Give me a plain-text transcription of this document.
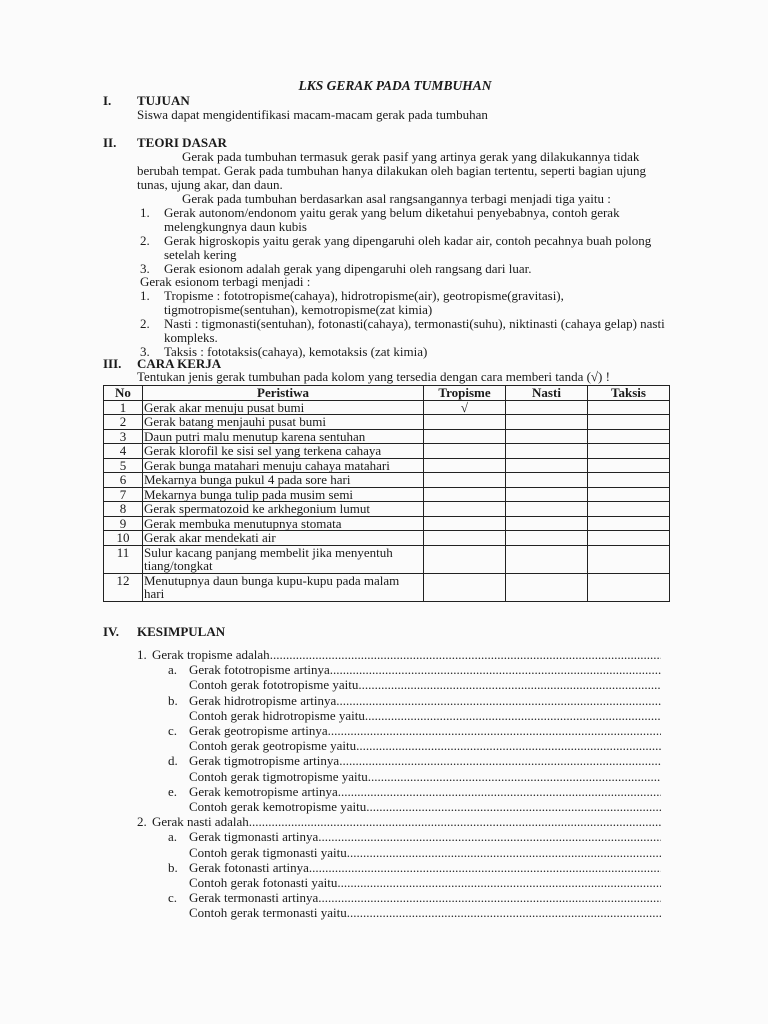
LKS GERAK PADA TUMBUHAN
I. TUJUAN
Siswa dapat mengidentifikasi macam-macam gerak pada tumbuhan
II. TEORI DASAR
Gerak pada tumbuhan termasuk gerak pasif yang artinya gerak yang dilakukannya tidak berubah tempat. Gerak pada tumbuhan hanya dilakukan oleh bagian tertentu, seperti bagian ujung tunas, ujung akar, dan daun.
Gerak pada tumbuhan berdasarkan asal rangsangannya terbagi menjadi tiga yaitu :
1.	Gerak autonom/endonom yaitu gerak yang belum diketahui penyebabnya, contoh gerak melengkungnya daun kubis
2.	Gerak higroskopis yaitu gerak yang dipengaruhi oleh kadar air, contoh pecahnya buah polong setelah kering
3.	Gerak esionom adalah gerak yang dipengaruhi oleh rangsang dari luar.
Gerak esionom terbagi menjadi :
1.	Tropisme : fototropisme(cahaya), hidrotropisme(air), geotropisme(gravitasi), tigmotropisme(sentuhan), kemotropisme(zat kimia)
2.	Nasti : tigmonasti(sentuhan), fotonasti(cahaya), termonasti(suhu), niktinasti (cahaya gelap) nasti kompleks.
3.	Taksis : fototaksis(cahaya), kemotaksis (zat kimia)
III. CARA KERJA
Tentukan jenis gerak tumbuhan pada kolom yang tersedia dengan cara memberi tanda (√) !
No	Peristiwa	Tropisme	Nasti	Taksis
1	Gerak akar menuju pusat bumi	√		
2	Gerak batang menjauhi pusat bumi			
3	Daun putri malu menutup karena sentuhan			
4	Gerak klorofil ke sisi sel yang terkena cahaya			
5	Gerak bunga matahari menuju cahaya matahari			
6	Mekarnya bunga pukul 4 pada sore hari			
7	Mekarnya bunga tulip pada musim semi			
8	Gerak spermatozoid ke arkhegonium lumut			
9	Gerak membuka menutupnya stomata			
10	Gerak akar mendekati air			
11	Sulur kacang panjang membelit jika menyentuh tiang/tongkat			
12	Menutupnya daun bunga kupu-kupu pada malam hari			
IV. KESIMPULAN
1. Gerak tropisme adalah
.....
a. Gerak fototropisme artinya
.....
Contoh gerak fototropisme yaitu
.....
b. Gerak hidrotropisme artinya
.....
Contoh gerak hidrotropisme yaitu
.....
c. Gerak geotropisme artinya
.....
Contoh gerak geotropisme yaitu
.....
d. Gerak tigmotropisme artinya
.....
Contoh gerak tigmotropisme yaitu
.....
e. Gerak kemotropisme artinya
.....
Contoh gerak kemotropisme yaitu
.....
2. Gerak nasti adalah
.....
a. Gerak tigmonasti artinya
.....
Contoh gerak tigmonasti yaitu
.....
b. Gerak fotonasti artinya
.....
Contoh gerak fotonasti yaitu
.....
c. Gerak termonasti artinya
.....
Contoh gerak termonasti yaitu
.....
